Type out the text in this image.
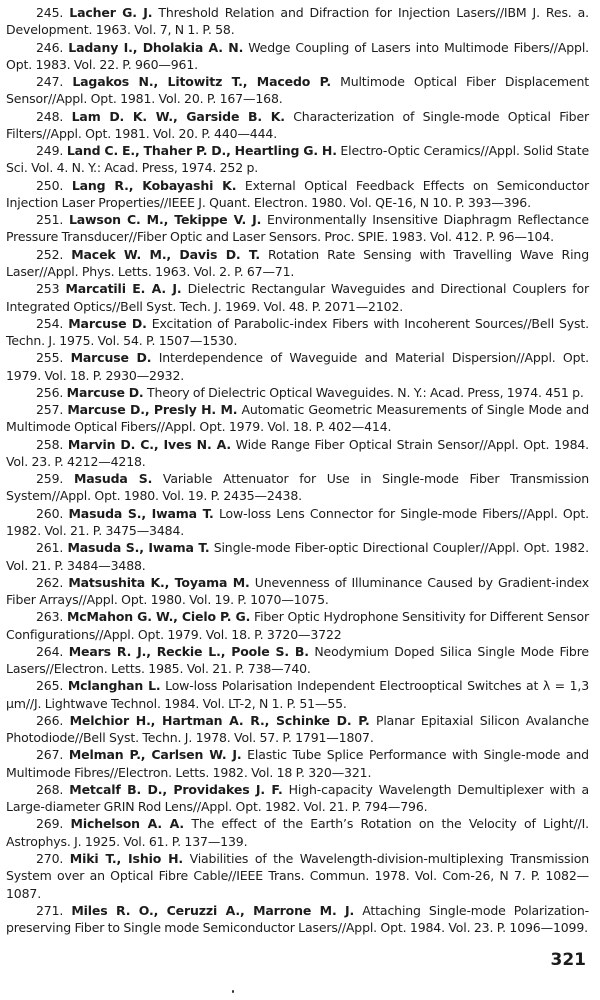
245. Lacher G. J. Threshold Relation and Difraction for Injection Lasers//IBM J. Res. a. Development. 1963. Vol. 7, N 1. P. 58.

246. Ladany I., Dholakia A. N. Wedge Coupling of Lasers into Multimode Fibers//Appl. Opt. 1983. Vol. 22. P. 960—961.

247. Lagakos N., Litowitz T., Macedo P. Multimode Optical Fiber Displacement Sensor//Appl. Opt. 1981. Vol. 20. P. 167—168.

248. Lam D. K. W., Garside B. K. Characterization of Single-mode Optical Fiber Filters//Appl. Opt. 1981. Vol. 20. P. 440—444.

249. Land C. E., Thaher P. D., Heartling G. H. Electro-Optic Ceramics//Appl. Solid State Sci. Vol. 4. N. Y.: Acad. Press, 1974. 252 p.

250. Lang R., Kobayashi K. External Optical Feedback Effects on Semiconductor Injection Laser Properties//IEEE J. Quant. Electron. 1980. Vol. QE-16, N 10. P. 393—396.

251. Lawson C. M., Tekippe V. J. Environmentally Insensitive Diaphragm Reflectance Pressure Transducer//Fiber Optic and Laser Sensors. Proc. SPIE. 1983. Vol. 412. P. 96—104.

252. Macek W. M., Davis D. T. Rotation Rate Sensing with Travelling Wave Ring Laser//Appl. Phys. Letts. 1963. Vol. 2. P. 67—71.

253 Marcatili E. A. J. Dielectric Rectangular Waveguides and Directional Couplers for Integrated Optics//Bell Syst. Tech. J. 1969. Vol. 48. P. 2071—2102.

254. Marcuse D. Excitation of Parabolic-index Fibers with Incoherent Sources//Bell Syst. Techn. J. 1975. Vol. 54. P. 1507—1530.

255. Marcuse D. Interdependence of Waveguide and Material Dispersion//Appl. Opt. 1979. Vol. 18. P. 2930—2932.

256. Marcuse D. Theory of Dielectric Optical Waveguides. N. Y.: Acad. Press, 1974. 451 p.

257. Marcuse D., Presly H. M. Automatic Geometric Measurements of Single Mode and Multimode Optical Fibers//Appl. Opt. 1979. Vol. 18. P. 402—414.

258. Marvin D. C., Ives N. A. Wide Range Fiber Optical Strain Sensor//Appl. Opt. 1984. Vol. 23. P. 4212—4218.

259. Masuda S. Variable Attenuator for Use in Single-mode Fiber Transmission System//Appl. Opt. 1980. Vol. 19. P. 2435—2438.

260. Masuda S., Iwama T. Low-loss Lens Connector for Single-mode Fibers//Appl. Opt. 1982. Vol. 21. P. 3475—3484.

261. Masuda S., Iwama T. Single-mode Fiber-optic Directional Coupler//Appl. Opt. 1982. Vol. 21. P. 3484—3488.

262. Matsushita K., Toyama M. Unevenness of Illuminance Caused by Gradient-index Fiber Arrays//Appl. Opt. 1980. Vol. 19. P. 1070—1075.

263. McMahon G. W., Cielo P. G. Fiber Optic Hydrophone Sensitivity for Different Sensor Configurations//Appl. Opt. 1979. Vol. 18. P. 3720—3722

264. Mears R. J., Reckie L., Poole S. B. Neodymium Doped Silica Single Mode Fibre Lasers//Electron. Letts. 1985. Vol. 21. P. 738—740.

265. Mclanghan L. Low-loss Polarisation Independent Electrooptical Switches at λ = 1,3 μm//J. Lightwave Technol. 1984. Vol. LT-2, N 1. P. 51—55.

266. Melchior H., Hartman A. R., Schinke D. P. Planar Epitaxial Silicon Avalanche Photodiode//Bell Syst. Techn. J. 1978. Vol. 57. P. 1791—1807.

267. Melman P., Carlsen W. J. Elastic Tube Splice Performance with Single-mode and Multimode Fibres//Electron. Letts. 1982. Vol. 18 P. 320—321.

268. Metcalf B. D., Providakes J. F. High-capacity Wavelength Demultiplexer with a Large-diameter GRIN Rod Lens//Appl. Opt. 1982. Vol. 21. P. 794—796.

269. Michelson A. A. The effect of the Earth’s Rotation on the Velocity of Light//I. Astrophys. J. 1925. Vol. 61. P. 137—139.

270. Miki T., Ishio H. Viabilities of the Wavelength-division-multiplexing Transmission System over an Optical Fibre Cable//IEEE Trans. Commun. 1978. Vol. Com-26, N 7. P. 1082—1087.

271. Miles R. O., Ceruzzi A., Marrone M. J. Attaching Single-mode Polarization-preserving Fiber to Single mode Semiconductor Lasers//Appl. Opt. 1984. Vol. 23. P. 1096—1099.

321
